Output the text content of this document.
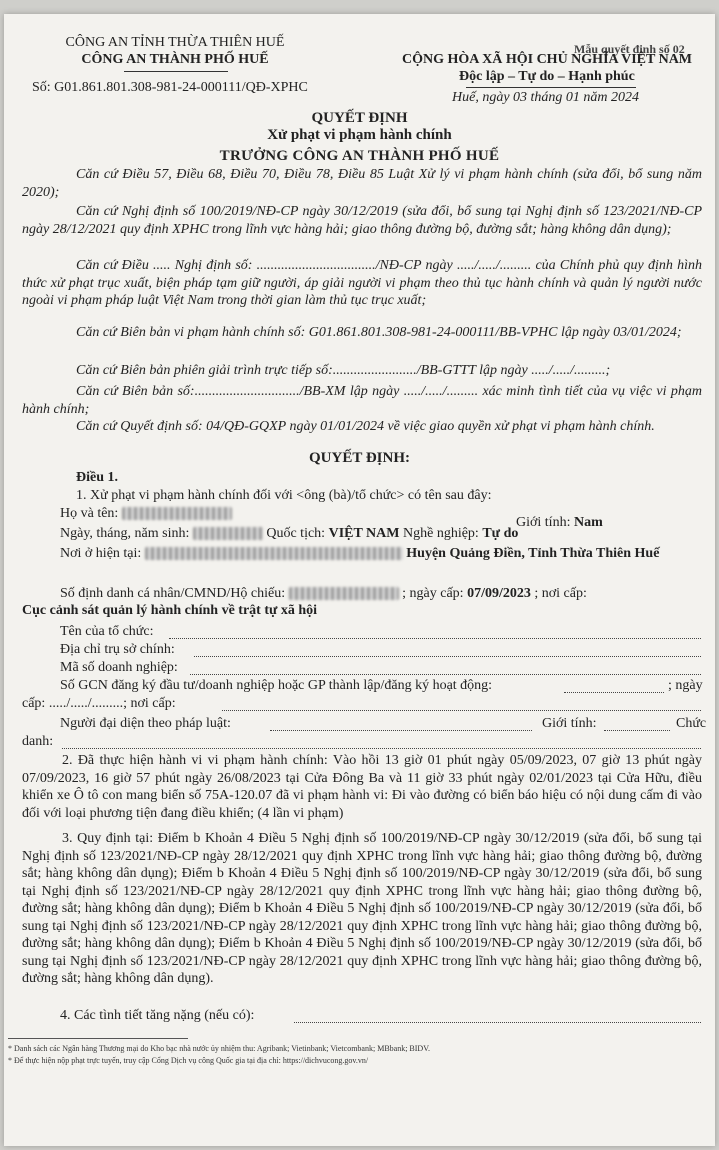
CÔNG AN TỈNH THỪA THIÊN HUẾ
CÔNG AN THÀNH PHỐ HUẾ
Số: G01.861.801.308-981-24-000111/QĐ-XPHC
Mẫu quyết định số 02
CỘNG HÒA XÃ HỘI CHỦ NGHĨA VIỆT NAM
Độc lập – Tự do – Hạnh phúc
Huế, ngày 03 tháng 01 năm 2024
QUYẾT ĐỊNH
Xử phạt vi phạm hành chính
TRƯỞNG CÔNG AN THÀNH PHỐ HUẾ
Căn cứ Điều 57, Điều 68, Điều 70, Điều 78, Điều 85 Luật Xử lý vi phạm hành chính (sửa đổi, bổ sung năm 2020);
Căn cứ Nghị định số 100/2019/NĐ-CP ngày 30/12/2019 (sửa đổi, bổ sung tại Nghị định số 123/2021/NĐ-CP ngày 28/12/2021 quy định XPHC trong lĩnh vực hàng hải; giao thông đường bộ, đường sắt; hàng không dân dụng);
Căn cứ Điều ..... Nghị định số: ................................../NĐ-CP ngày ...../...../......... của Chính phủ quy định hình thức xử phạt trục xuất, biện pháp tạm giữ người, áp giải người vi phạm theo thủ tục hành chính và quản lý người nước ngoài vi phạm pháp luật Việt Nam trong thời gian làm thủ tục trục xuất;
Căn cứ Biên bản vi phạm hành chính số: G01.861.801.308-981-24-000111/BB-VPHC lập ngày 03/01/2024;
Căn cứ Biên bản phiên giải trình trực tiếp số:......................../BB-GTTT lập ngày ...../...../.........;
Căn cứ Biên bản số:............................../BB-XM lập ngày ...../...../......... xác minh tình tiết của vụ việc vi phạm hành chính;
Căn cứ Quyết định số: 04/QĐ-GQXP ngày 01/01/2024 về việc giao quyền xử phạt vi phạm hành chính.
QUYẾT ĐỊNH:
Điều 1.
1. Xử phạt vi phạm hành chính đối với <ông (bà)/tổ chức> có tên sau đây:
Họ và tên:
Giới tính: Nam
Ngày, tháng, năm sinh:	Quốc tịch: VIỆT NAM Nghề nghiệp: Tự do
Nơi ở hiện tại:	Huyện Quảng Điền, Tỉnh Thừa Thiên Huế
Số định danh cá nhân/CMND/Hộ chiếu:	; ngày cấp: 07/09/2023 ; nơi cấp:
Cục cảnh sát quản lý hành chính về trật tự xã hội
Tên của tổ chức:
Địa chỉ trụ sở chính:
Mã số doanh nghiệp:
Số GCN đăng ký đầu tư/doanh nghiệp hoặc GP thành lập/đăng ký hoạt động:	; ngày
cấp: ...../...../.........; nơi cấp:
Người đại diện theo pháp luật:	Giới tính:	Chức
danh:
2. Đã thực hiện hành vi vi phạm hành chính: Vào hồi 13 giờ 01 phút ngày 05/09/2023, 07 giờ 13 phút ngày 07/09/2023, 16 giờ 57 phút ngày 26/08/2023 tại Cửa Đông Ba và 11 giờ 33 phút ngày 02/01/2023 tại Cửa Hữu, điều khiển xe Ô tô con mang biển số 75A-120.07 đã vi phạm hành vi: Đi vào đường có biển báo hiệu có nội dung cấm đi vào đối với loại phương tiện đang điều khiển; (4 lần vi phạm)
3. Quy định tại: Điểm b Khoản 4 Điều 5 Nghị định số 100/2019/NĐ-CP ngày 30/12/2019 (sửa đổi, bổ sung tại Nghị định số 123/2021/NĐ-CP ngày 28/12/2021 quy định XPHC trong lĩnh vực hàng hải; giao thông đường bộ, đường sắt; hàng không dân dụng); Điểm b Khoản 4 Điều 5 Nghị định số 100/2019/NĐ-CP ngày 30/12/2019 (sửa đổi, bổ sung tại Nghị định số 123/2021/NĐ-CP ngày 28/12/2021 quy định XPHC trong lĩnh vực hàng hải; giao thông đường bộ, đường sắt; hàng không dân dụng); Điểm b Khoản 4 Điều 5 Nghị định số 100/2019/NĐ-CP ngày 30/12/2019 (sửa đổi, bổ sung tại Nghị định số 123/2021/NĐ-CP ngày 28/12/2021 quy định XPHC trong lĩnh vực hàng hải; giao thông đường bộ, đường sắt; hàng không dân dụng); Điểm b Khoản 4 Điều 5 Nghị định số 100/2019/NĐ-CP ngày 30/12/2019 (sửa đổi, bổ sung tại Nghị định số 123/2021/NĐ-CP ngày 28/12/2021 quy định XPHC trong lĩnh vực hàng hải; giao thông đường bộ, đường sắt; hàng không dân dụng).
4. Các tình tiết tăng nặng (nếu có):
* Danh sách các Ngân hàng Thương mại do Kho bạc nhà nước ủy nhiệm thu: Agribank; Vietinbank; Vietcombank; MBbank; BIDV.
* Để thực hiện nộp phạt trực tuyến, truy cập Cổng Dịch vụ công Quốc gia tại địa chỉ: https://dichvucong.gov.vn/
